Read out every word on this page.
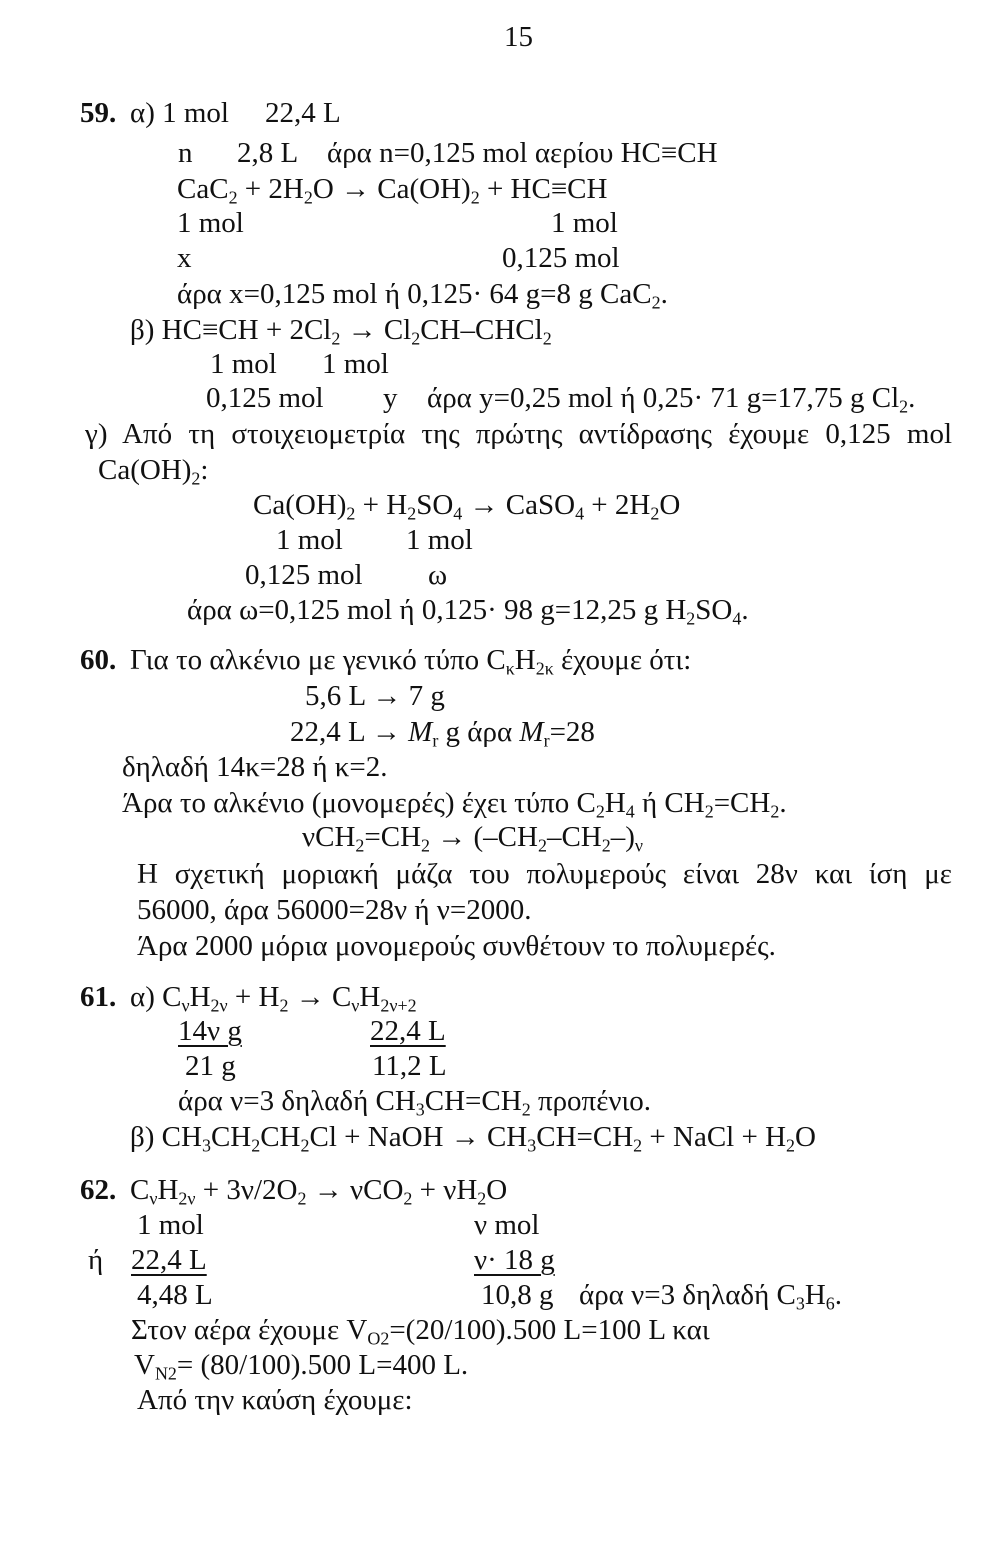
15
59. α) 1 mol 22,4 L
n 2,8 L άρα n=0,125 mol αερίου HC≡CH
$CaC_2 + 2H_2O \to Ca(OH)_2 + HC\equiv CH$
1 mol	1 mol
x	0,125 mol
άρα x=0,125 mol ή 0,125· 64 g=8 g CaC$_2$.
β) $HC\equiv CH + 2Cl_2$ → $Cl_2CH-CHCl_2$
1 mol 1 mol
0,125 mol y άρα y=0,25 mol ή 0,25· 71 g=17,75 g $Cl_2$.
γ) Από τη στοιχειομετρία της πρώτης αντίδρασης έχουμε 0,125 mol
$Ca(OH)_2$:
$Ca(OH)_2 + H_2SO_4$ → CaSO$_4$ + $2H_2O$
1 mol 1 mol
0,125 mol ω
άρα ω=0,125 mol ή 0,125· 98 g=12,25 g $H_2SO_4$.
60. Για το αλκένιο με γενικό τύπο $C_\kappa H_{2\kappa}$ έχουμε ότι:
5,6 L → 7 g
22,4 $L \to M_r$ g άρα $M_r=28$
δηλαδή 14κ=28 ή κ=2.
Άρα το αλκένιο (μονομερές) έχει τύπο $C_2H_4$ ή $CH_2=CH_2$.
$\nu CH_2=CH_2 \to (-CH_2-CH_2-)_\nu$
Η σχετική μοριακή μάζα του πολυμερούς είναι 28ν και ίση με
56000, άρα 56000=28ν ή ν=2000.
Άρα 2000 μόρια μονομερούς συνθέτουν το πολυμερές.
61. α) $C_\nu H_{2\nu} + H_2 \to C_\nu H_{2\nu+2}$
14ν g	22,4 L
21 g	11,2 L
άρα ν=3 δηλαδή $CH_3CH=CH_2$ προπένιο.
β) $CH_3CH_2CH_2Cl$ + NaOH → $CH_3CH=CH_2$ + NaCl + $H_2O$
62. $C_\nu H_{2\nu} + 3\nu/2O_2 \to \nu CO_2 + \nu H_2O$
1 mol	ν mol
ή 22,4 L	ν· 18 g
4,48 L	10,8 g άρα ν=3 δηλαδή $C_3H_6$.
Στον αέρα έχουμε $V_{O2}=(20/100).500$ L=100 L και
$V_{N2}= (80/100).500$ L=400 L.
Από την καύση έχουμε:
